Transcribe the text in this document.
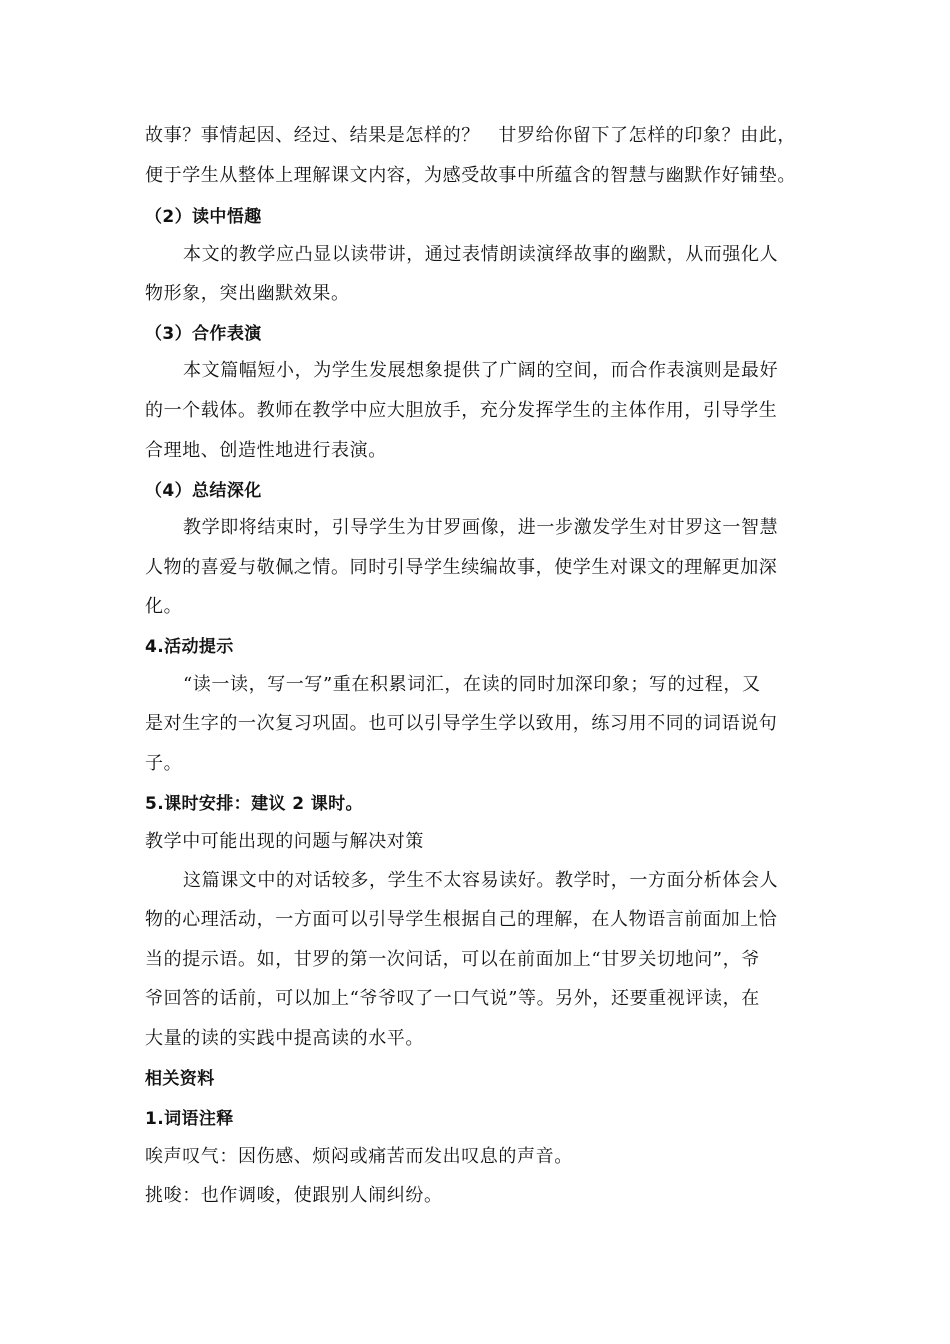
故事？事情起因、经过、结果是怎样的？　甘罗给你留下了怎样的印象？由此，
便于学生从整体上理解课文内容，为感受故事中所蕴含的智慧与幽默作好铺垫。
（2）读中悟趣
本文的教学应凸显以读带讲，通过表情朗读演绎故事的幽默，从而强化人
物形象，突出幽默效果。
（3）合作表演
本文篇幅短小，为学生发展想象提供了广阔的空间，而合作表演则是最好
的一个载体。教师在教学中应大胆放手，充分发挥学生的主体作用，引导学生
合理地、创造性地进行表演。
（4）总结深化
教学即将结束时，引导学生为甘罗画像，进一步激发学生对甘罗这一智慧
人物的喜爱与敬佩之情。同时引导学生续编故事，使学生对课文的理解更加深
化。
4.活动提示
“读一读，写一写”重在积累词汇，在读的同时加深印象；写的过程，又
是对生字的一次复习巩固。也可以引导学生学以致用，练习用不同的词语说句
子。
5.课时安排：建议 2 课时。
教学中可能出现的问题与解决对策
这篇课文中的对话较多，学生不太容易读好。教学时，一方面分析体会人
物的心理活动，一方面可以引导学生根据自己的理解，在人物语言前面加上恰
当的提示语。如，甘罗的第一次问话，可以在前面加上“甘罗关切地问”，爷
爷回答的话前，可以加上“爷爷叹了一口气说”等。另外，还要重视评读，在
大量的读的实践中提高读的水平。
相关资料
1.词语注释
唉声叹气：因伤感、烦闷或痛苦而发出叹息的声音。
挑唆：也作调唆，使跟别人闹纠纷。
